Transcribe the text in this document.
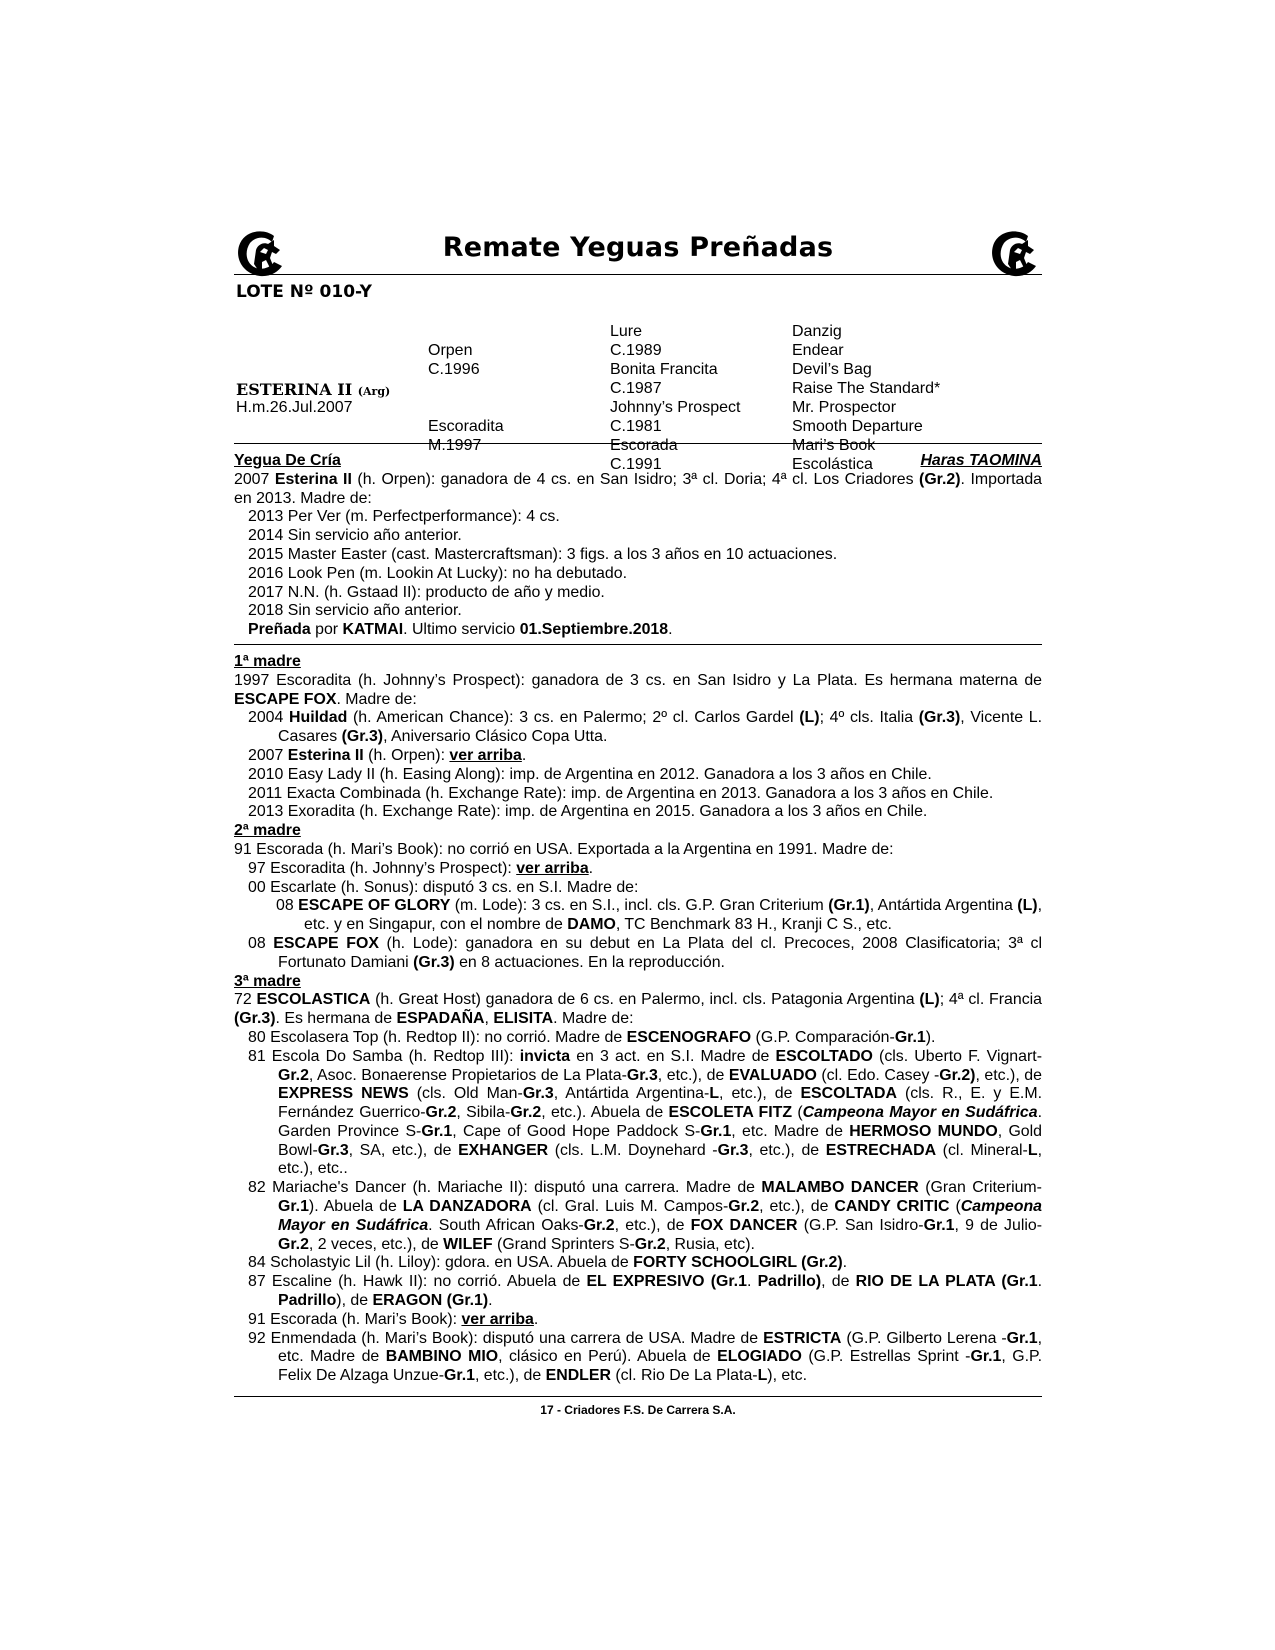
Remate Yeguas Preñadas
LOTE Nº 010-Y
ESTERINA II (Arg)
H.m.26.Jul.2007
Orpen
C.1996
Escoradita
M.1997
Lure
C.1989
Bonita Francita
C.1987
Johnny’s Prospect
C.1981
Escorada
C.1991
Danzig
Endear
Devil’s Bag
Raise The Standard*
Mr. Prospector
Smooth Departure
Mari’s Book
Escolástica
Yegua De Cría	Haras TAOMINA

2007 Esterina II (h. Orpen): ganadora de 4 cs. en San Isidro; 3ª cl. Doria; 4ª cl. Los Criadores (Gr.2). Importada en 2013. Madre de:

2013 Per Ver (m. Perfectperformance): 4 cs.

2014 Sin servicio año anterior.

2015 Master Easter (cast. Mastercraftsman): 3 figs. a los 3 años en 10 actuaciones.

2016 Look Pen (m. Lookin At Lucky): no ha debutado.

2017 N.N. (h. Gstaad II): producto de año y medio.

2018 Sin servicio año anterior.

Preñada por KATMAI. Ultimo servicio 01.Septiembre.2018.

1ª madre

1997 Escoradita (h. Johnny’s Prospect): ganadora de 3 cs. en San Isidro y La Plata. Es hermana materna de ESCAPE FOX. Madre de:

2004 Huildad (h. American Chance): 3 cs. en Palermo; 2º cl. Carlos Gardel (L); 4º cls. Italia (Gr.3), Vicente L. Casares (Gr.3), Aniversario Clásico Copa Utta.

2007 Esterina II (h. Orpen): ver arriba.

2010 Easy Lady II (h. Easing Along): imp. de Argentina en 2012. Ganadora a los 3 años en Chile.

2011 Exacta Combinada (h. Exchange Rate): imp. de Argentina en 2013. Ganadora a los 3 años en Chile.

2013 Exoradita (h. Exchange Rate): imp. de Argentina en 2015. Ganadora a los 3 años en Chile.

2ª madre

91 Escorada (h. Mari’s Book): no corrió en USA. Exportada a la Argentina en 1991. Madre de:

97 Escoradita (h. Johnny’s Prospect): ver arriba.

00 Escarlate (h. Sonus): disputó 3 cs. en S.I. Madre de:

08 ESCAPE OF GLORY (m. Lode): 3 cs. en S.I., incl. cls. G.P. Gran Criterium (Gr.1), Antártida Argentina (L), etc. y en Singapur, con el nombre de DAMO, TC Benchmark 83 H., Kranji C S., etc.

08 ESCAPE FOX (h. Lode): ganadora en su debut en La Plata del cl. Precoces, 2008 Clasificatoria; 3ª cl Fortunato Damiani (Gr.3) en 8 actuaciones. En la reproducción.

3ª madre

72 ESCOLASTICA (h. Great Host) ganadora de 6 cs. en Palermo, incl. cls. Patagonia Argentina (L); 4ª cl. Francia (Gr.3). Es hermana de ESPADAÑA, ELISITA. Madre de:

80 Escolasera Top (h. Redtop II): no corrió. Madre de ESCENOGRAFO (G.P. Comparación-Gr.1).

81 Escola Do Samba (h. Redtop III): invicta en 3 act. en S.I. Madre de ESCOLTADO (cls. Uberto F. Vignart-Gr.2, Asoc. Bonaerense Propietarios de La Plata-Gr.3, etc.), de EVALUADO (cl. Edo. Casey -Gr.2), etc.), de EXPRESS NEWS (cls. Old Man-Gr.3, Antártida Argentina-L, etc.), de ESCOLTADA (cls. R., E. y E.M. Fernández Guerrico-Gr.2, Sibila-Gr.2, etc.). Abuela de ESCOLETA FITZ (Campeona Mayor en Sudáfrica. Garden Province S-Gr.1, Cape of Good Hope Paddock S-Gr.1, etc. Madre de HERMOSO MUNDO, Gold Bowl-Gr.3, SA, etc.), de EXHANGER (cls. L.M. Doynehard -Gr.3, etc.), de ESTRECHADA (cl. Mineral-L, etc.), etc..

82 Mariache's Dancer (h. Mariache II): disputó una carrera. Madre de MALAMBO DANCER (Gran Criterium-Gr.1). Abuela de LA DANZADORA (cl. Gral. Luis M. Campos-Gr.2, etc.), de CANDY CRITIC (Campeona Mayor en Sudáfrica. South African Oaks-Gr.2, etc.), de FOX DANCER (G.P. San Isidro-Gr.1, 9 de Julio-Gr.2, 2 veces, etc.), de WILEF (Grand Sprinters S-Gr.2, Rusia, etc).

84 Scholastyic Lil (h. Liloy): gdora. en USA. Abuela de FORTY SCHOOLGIRL (Gr.2).

87 Escaline (h. Hawk II): no corrió. Abuela de EL EXPRESIVO (Gr.1. Padrillo), de RIO DE LA PLATA (Gr.1. Padrillo), de ERAGON (Gr.1).

91 Escorada (h. Mari’s Book): ver arriba.

92 Enmendada (h. Mari’s Book): disputó una carrera de USA. Madre de ESTRICTA (G.P. Gilberto Lerena -Gr.1, etc. Madre de BAMBINO MIO, clásico en Perú). Abuela de ELOGIADO (G.P. Estrellas Sprint -Gr.1, G.P. Felix De Alzaga Unzue-Gr.1, etc.), de ENDLER (cl. Rio De La Plata-L), etc.

17 - Criadores F.S. De Carrera S.A.
